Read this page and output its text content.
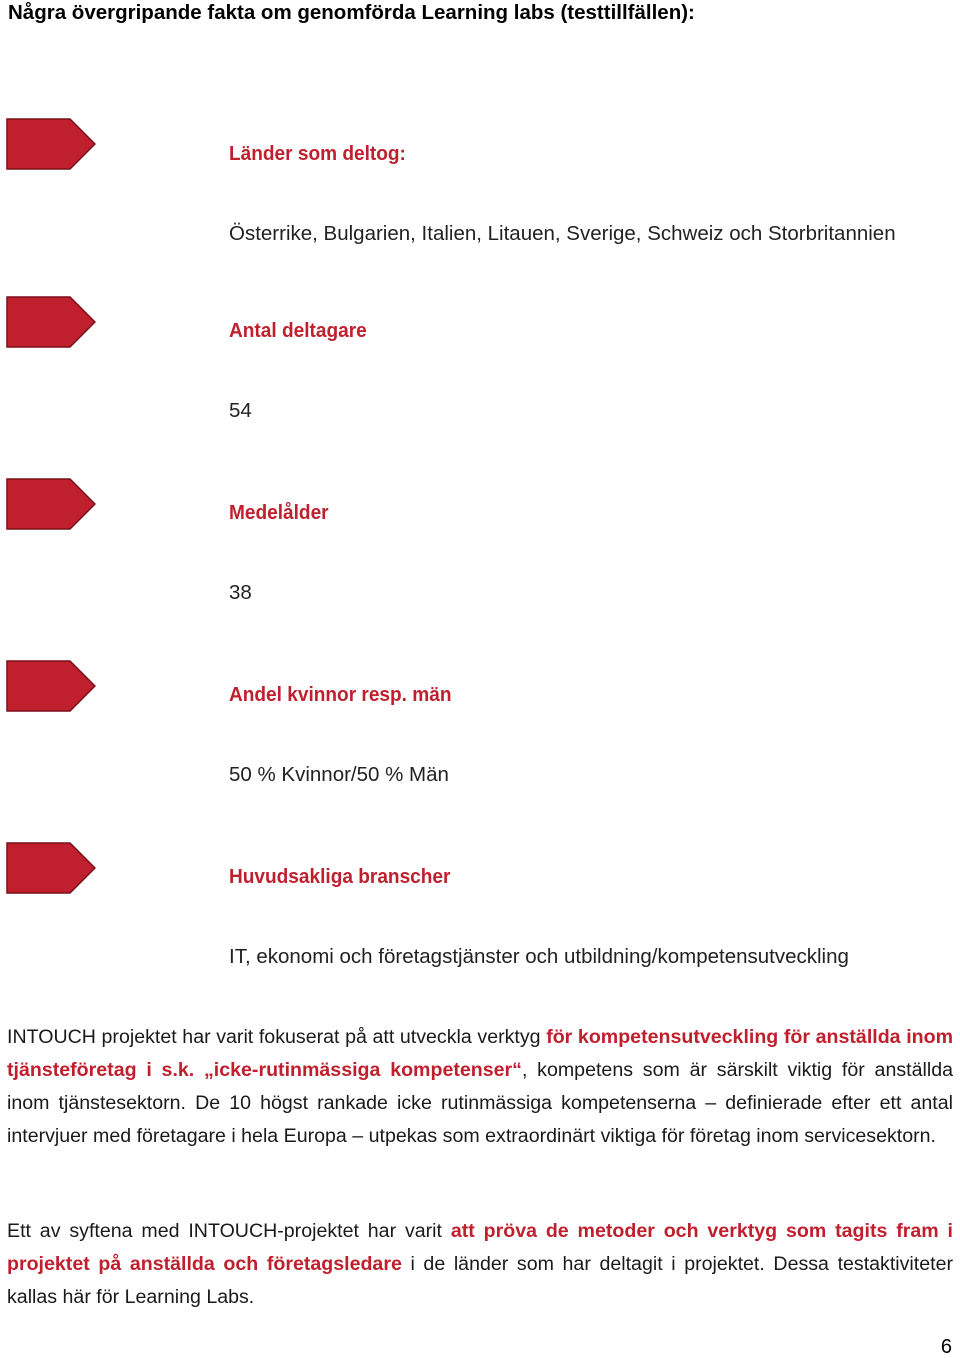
Några övergripande fakta om genomförda Learning labs (testtillfällen):
Länder som deltog:
Österrike, Bulgarien, Italien, Litauen, Sverige, Schweiz och Storbritannien
Antal deltagare
54
Medelålder
38
Andel kvinnor resp. män
50 % Kvinnor/50 % Män
Huvudsakliga branscher
IT, ekonomi och företagstjänster och utbildning/kompetensutveckling

INTOUCH projektet har varit fokuserat på att utveckla verktyg för kompetensutveckling för anställda inom tjänsteföretag i s.k. „icke-rutinmässiga kompetenser“, kompetens som är särskilt viktig för anställda inom tjänstesektorn. De 10 högst rankade icke rutinmässiga kompetenserna – definierade efter ett antal intervjuer med företagare i hela Europa – utpekas som extraordinärt viktiga för företag inom servicesektorn.

Ett av syftena med INTOUCH-projektet har varit att pröva de metoder och verktyg som tagits fram i projektet på anställda och företagsledare i de länder som har deltagit i projektet. Dessa testaktiviteter kallas här för Learning Labs.

6
